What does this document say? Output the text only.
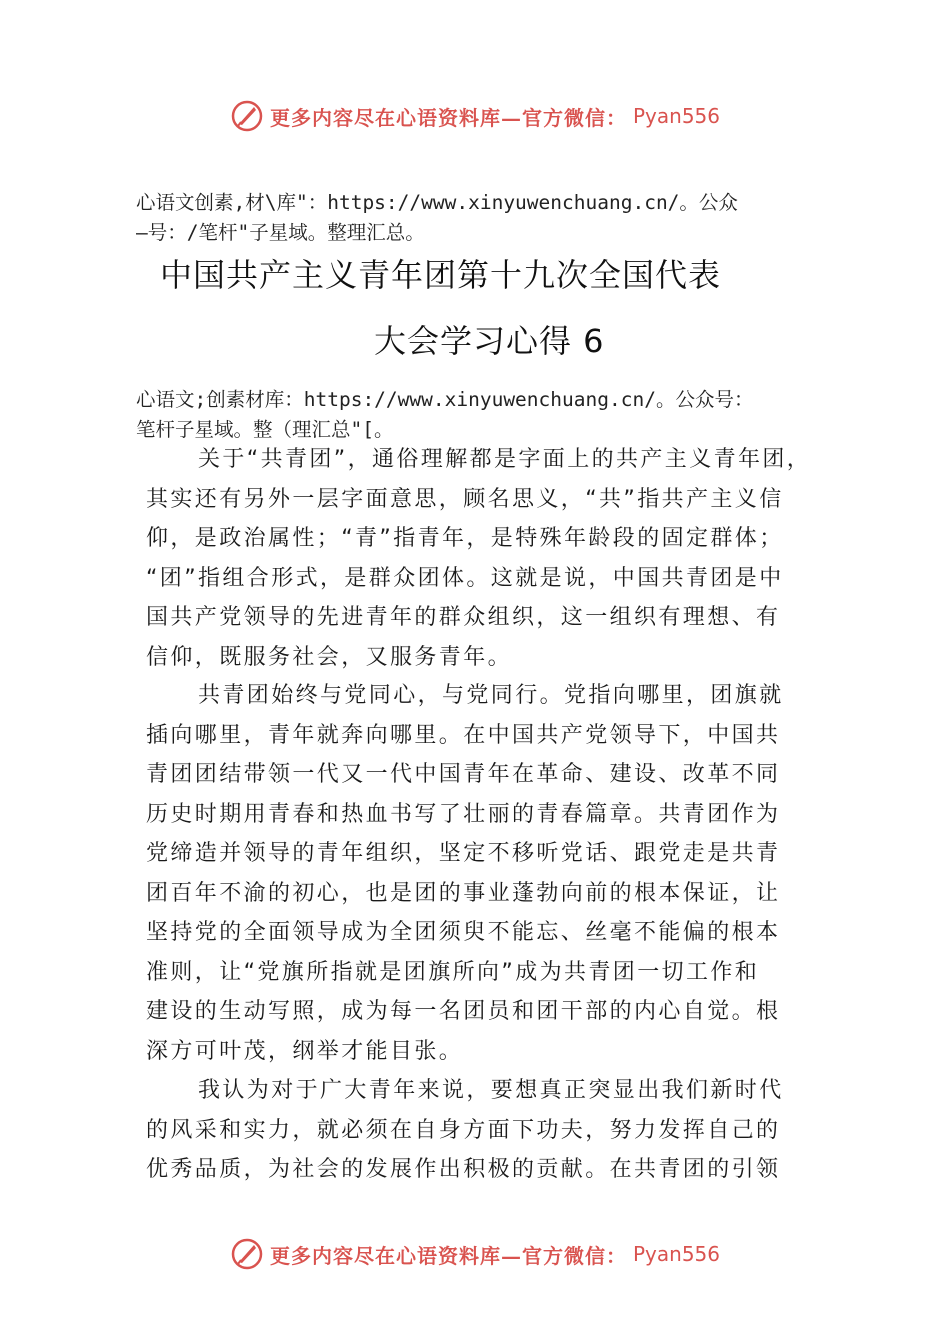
更多内容尽在心语资料库—官方微信： Pyan556
心语文创素,材\库"：https://www.xinyuwenchuang.cn/。公众
—号：/笔杆"子星域。整理汇总。
中国共产主义青年团第十九次全国代表
大会学习心得 6
心语文;创素材库：https://www.xinyuwenchuang.cn/。公众号：
笔杆子星域。整（理汇总"[。
关于“共青团”，通俗理解都是字面上的共产主义青年团，
其实还有另外一层字面意思，顾名思义，“共”指共产主义信
仰，是政治属性；“青”指青年，是特殊年龄段的固定群体；
“团”指组合形式，是群众团体。这就是说，中国共青团是中
国共产党领导的先进青年的群众组织，这一组织有理想、有
信仰，既服务社会，又服务青年。
共青团始终与党同心，与党同行。党指向哪里，团旗就
插向哪里，青年就奔向哪里。在中国共产党领导下，中国共
青团团结带领一代又一代中国青年在革命、建设、改革不同
历史时期用青春和热血书写了壮丽的青春篇章。共青团作为
党缔造并领导的青年组织，坚定不移听党话、跟党走是共青
团百年不渝的初心，也是团的事业蓬勃向前的根本保证，让
坚持党的全面领导成为全团须臾不能忘、丝毫不能偏的根本
准则，让“党旗所指就是团旗所向”成为共青团一切工作和
建设的生动写照，成为每一名团员和团干部的内心自觉。根
深方可叶茂，纲举才能目张。
我认为对于广大青年来说，要想真正突显出我们新时代
的风采和实力，就必须在自身方面下功夫，努力发挥自己的
优秀品质，为社会的发展作出积极的贡献。在共青团的引领
更多内容尽在心语资料库—官方微信： Pyan556
